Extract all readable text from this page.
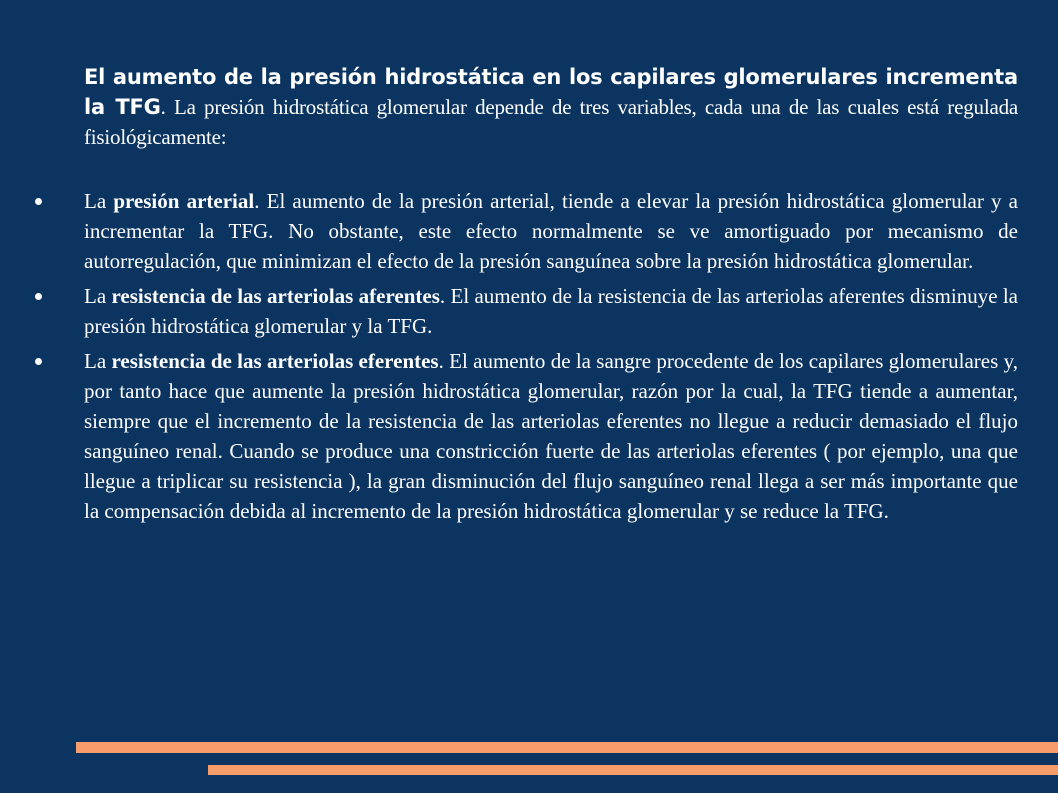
El aumento de la presión hidrostática en los capilares glomerulares incrementa la TFG. La presión hidrostática glomerular depende de tres variables, cada una de las cuales está regulada fisiológicamente:
La presión arterial. El aumento de la presión arterial, tiende a elevar la presión hidrostática glomerular y a incrementar la TFG. No obstante, este efecto normalmente se ve amortiguado por mecanismo de autorregulación, que minimizan el efecto de la presión sanguínea sobre la presión hidrostática glomerular.
La resistencia de las arteriolas aferentes. El aumento de la resistencia de las arteriolas aferentes disminuye la presión hidrostática glomerular y la TFG.
La resistencia de las arteriolas eferentes. El aumento de la sangre procedente de los capilares glomerulares y, por tanto hace que aumente la presión hidrostática glomerular, razón por la cual, la TFG tiende a aumentar, siempre que el incremento de la resistencia de las arteriolas eferentes no llegue a reducir demasiado el flujo sanguíneo renal. Cuando se produce una constricción fuerte de las arteriolas eferentes ( por ejemplo, una que llegue a triplicar su resistencia ), la gran disminución del flujo sanguíneo renal llega a ser más importante que la compensación debida al incremento de la presión hidrostática glomerular y se reduce la TFG.
